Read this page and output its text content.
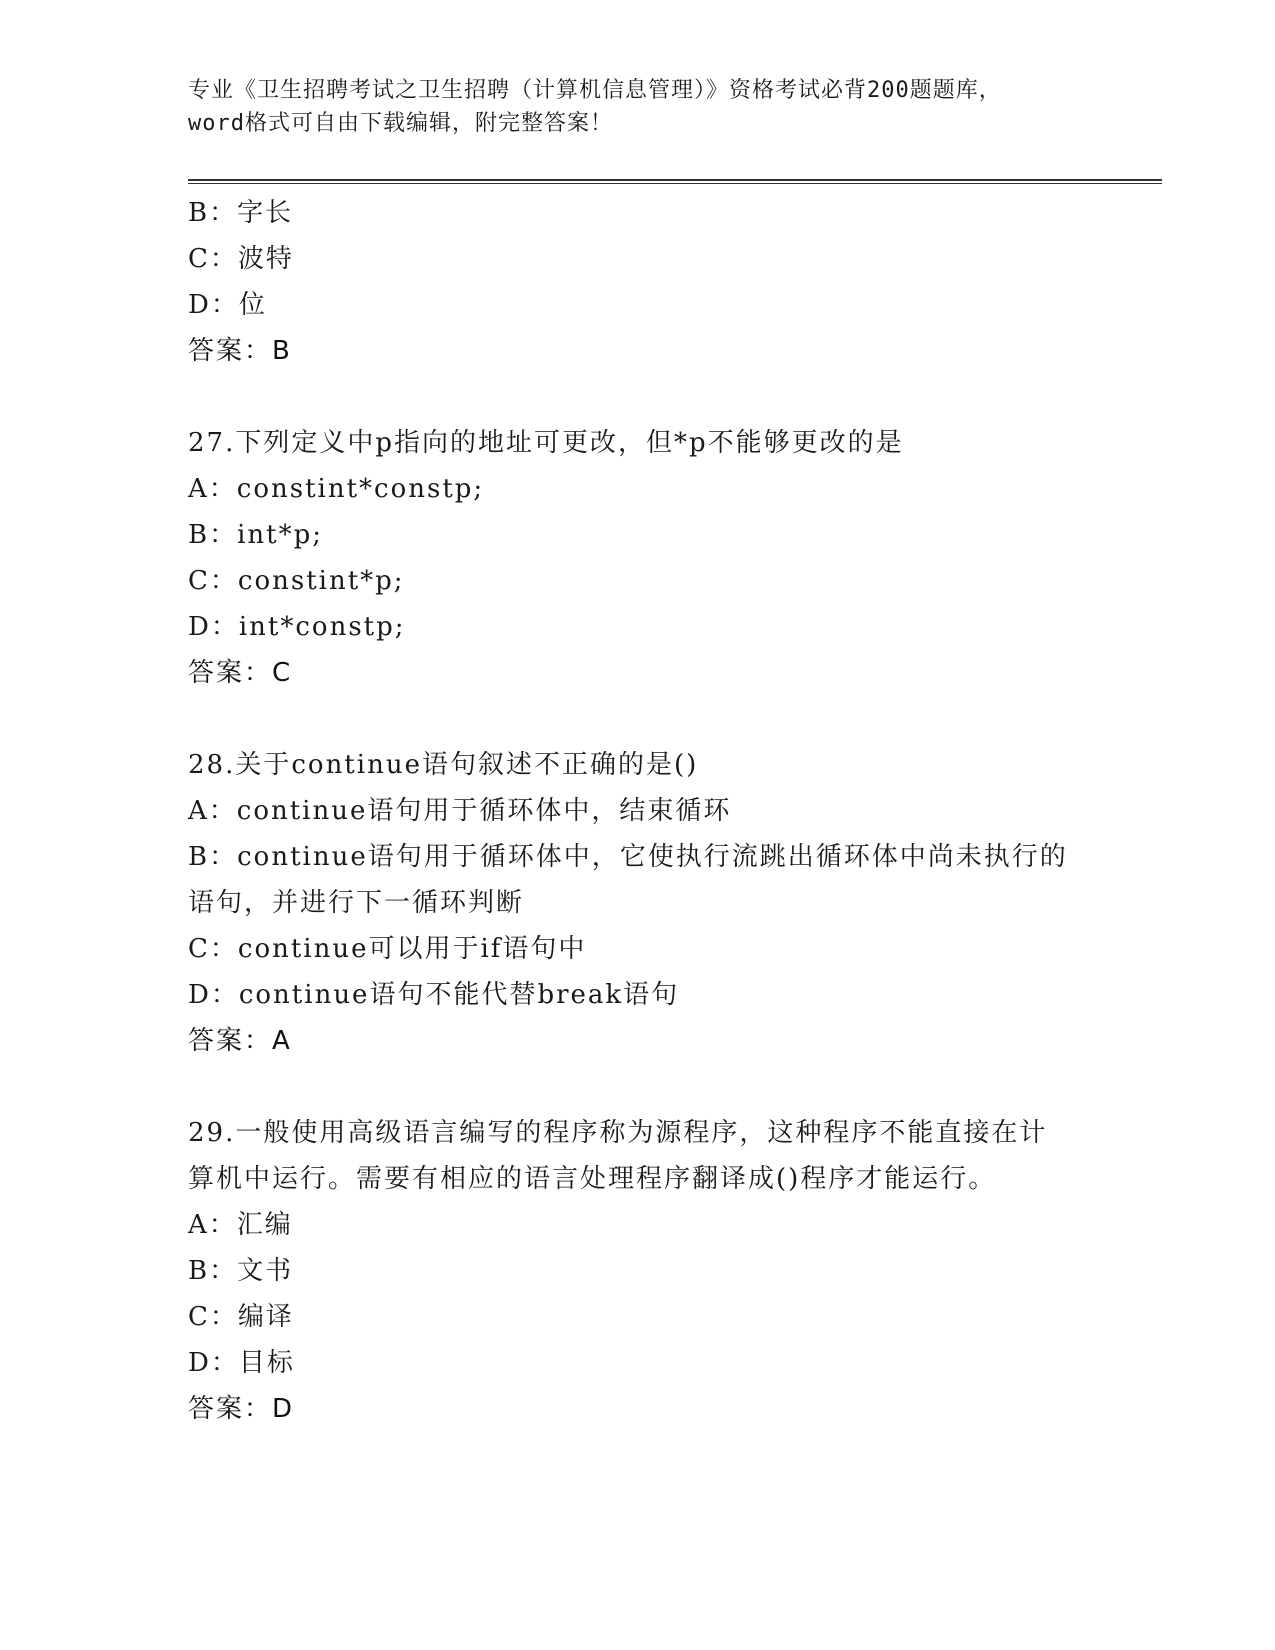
专业《卫生招聘考试之卫生招聘（计算机信息管理）》资格考试必背200题题库，
word格式可自由下载编辑，附完整答案！
B：字长
C：波特
D：位
答案：B
27.下列定义中p指向的地址可更改，但*p不能够更改的是
A：constint*constp;
B：int*p;
C：constint*p;
D：int*constp;
答案：C
28.关于continue语句叙述不正确的是()
A：continue语句用于循环体中，结束循环
B：continue语句用于循环体中，它使执行流跳出循环体中尚未执行的
语句，并进行下一循环判断
C：continue可以用于if语句中
D：continue语句不能代替break语句
答案：A
29.一般使用高级语言编写的程序称为源程序，这种程序不能直接在计
算机中运行。需要有相应的语言处理程序翻译成()程序才能运行。
A：汇编
B：文书
C：编译
D：目标
答案：D
